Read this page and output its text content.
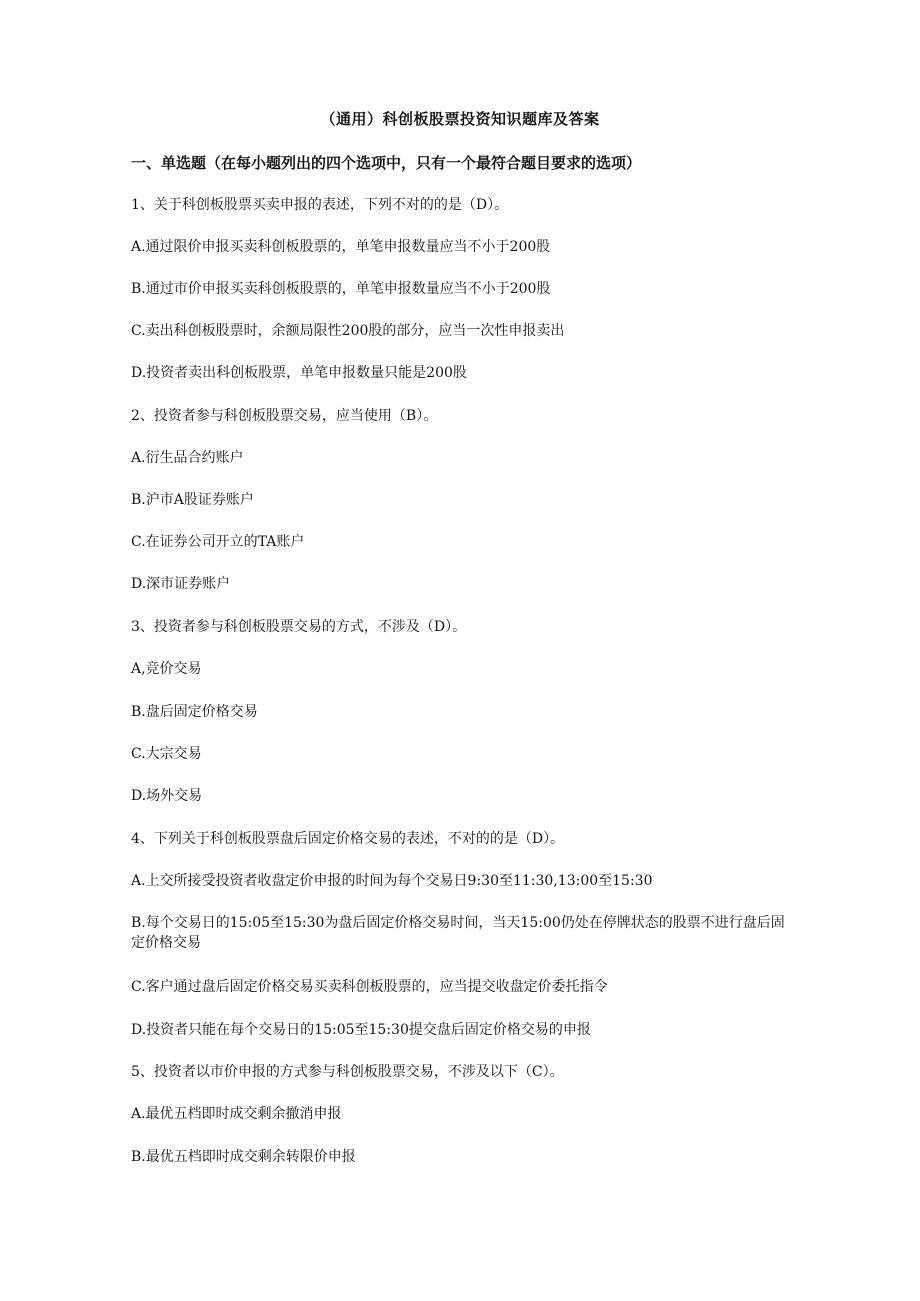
（通用）科创板股票投资知识题库及答案
一、单选题（在每小题列出的四个选项中，只有一个最符合题目要求的选项）
1、关于科创板股票买卖申报的表述，下列不对的的是（D）。
A.通过限价申报买卖科创板股票的，单笔申报数量应当不小于200股
B.通过市价申报买卖科创板股票的，单笔申报数量应当不小于200股
C.卖出科创板股票时，余额局限性200股的部分，应当一次性申报卖出
D.投资者卖出科创板股票，单笔申报数量只能是200股
2、投资者参与科创板股票交易，应当使用（B）。
A.衍生品合约账户
B.沪市A股证券账户
C.在证券公司开立的TA账户
D.深市证券账户
3、投资者参与科创板股票交易的方式，不涉及（D）。
A,竞价交易
B.盘后固定价格交易
C.大宗交易
D.场外交易
4、下列关于科创板股票盘后固定价格交易的表述，不对的的是（D）。
A.上交所接受投资者收盘定价申报的时间为每个交易日9:30至11:30,13:00至15:30
B.每个交易日的15:05至15:30为盘后固定价格交易时间，当天15:00仍处在停牌状态的股票不进行盘后固定价格交易
C.客户通过盘后固定价格交易买卖科创板股票的，应当提交收盘定价委托指令
D.投资者只能在每个交易日的15:05至15:30提交盘后固定价格交易的申报
5、投资者以市价申报的方式参与科创板股票交易，不涉及以下（C）。
A.最优五档即时成交剩余撤消申报
B.最优五档即时成交剩余转限价申报
